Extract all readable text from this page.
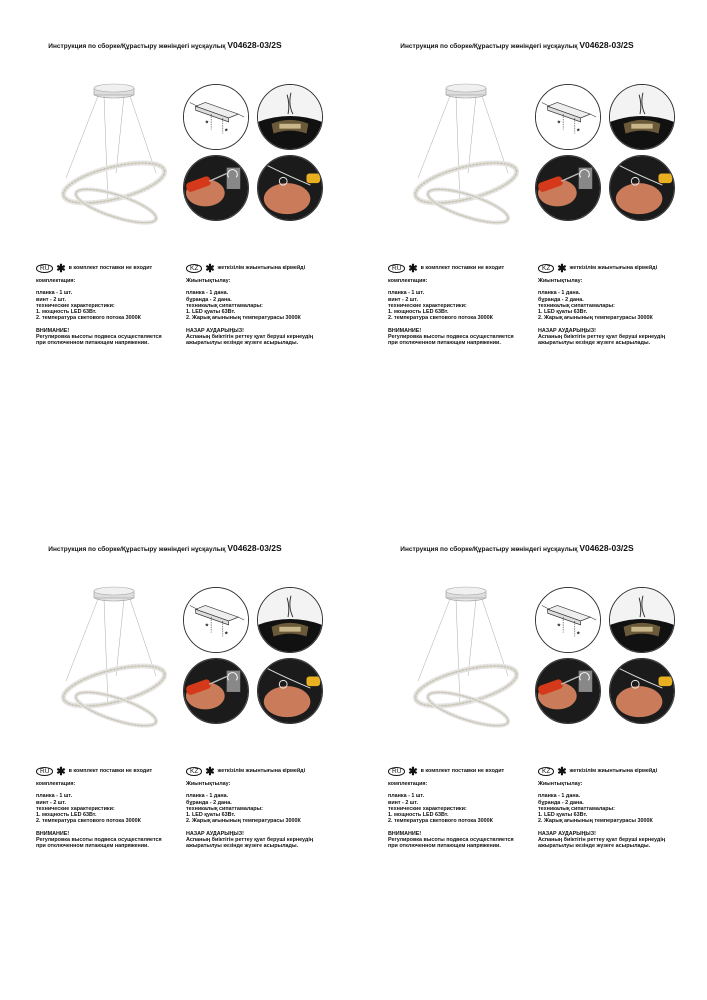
Инструкция по сборке/Құрастыру жөніндегі нұсқаулық V04628-03/2S
*
*
RU ✱ в комплект поставки не входит
комплектация:
планка - 1 шт.
винт - 2 шт.
технические характеристики:
1. мощность LED 63Вт.
2. температура светового потока 3000К
ВНИМАНИЕ!
Регулировка высоты подвеса осуществляется
при отключенном питающем напряжении.
KZ ✱ жеткізілім жиынтығына кірмейді
Жиынтықтылау:
планка - 1 дана.
бұранда - 2 дана.
техникалық сипаттамалары:
1. LED қуаты 63Вт.
2. Жарық ағынының температурасы 3000К
НАЗАР АУДАРЫҢЫЗ!
Аспаның биіктігін реттеу қуат беруші кернеудің
ажыратылуы кезінде жүзеге асырылады.
Инструкция по сборке/Құрастыру жөніндегі нұсқаулық V04628-03/2S
*
*
RU ✱ в комплект поставки не входит
комплектация:
планка - 1 шт.
винт - 2 шт.
технические характеристики:
1. мощность LED 63Вт.
2. температура светового потока 3000К
ВНИМАНИЕ!
Регулировка высоты подвеса осуществляется
при отключенном питающем напряжении.
KZ ✱ жеткізілім жиынтығына кірмейді
Жиынтықтылау:
планка - 1 дана.
бұранда - 2 дана.
техникалық сипаттамалары:
1. LED қуаты 63Вт.
2. Жарық ағынының температурасы 3000К
НАЗАР АУДАРЫҢЫЗ!
Аспаның биіктігін реттеу қуат беруші кернеудің
ажыратылуы кезінде жүзеге асырылады.
Инструкция по сборке/Құрастыру жөніндегі нұсқаулық V04628-03/2S
*
*
RU ✱ в комплект поставки не входит
комплектация:
планка - 1 шт.
винт - 2 шт.
технические характеристики:
1. мощность LED 63Вт.
2. температура светового потока 3000К
ВНИМАНИЕ!
Регулировка высоты подвеса осуществляется
при отключенном питающем напряжении.
KZ ✱ жеткізілім жиынтығына кірмейді
Жиынтықтылау:
планка - 1 дана.
бұранда - 2 дана.
техникалық сипаттамалары:
1. LED қуаты 63Вт.
2. Жарық ағынының температурасы 3000К
НАЗАР АУДАРЫҢЫЗ!
Аспаның биіктігін реттеу қуат беруші кернеудің
ажыратылуы кезінде жүзеге асырылады.
Инструкция по сборке/Құрастыру жөніндегі нұсқаулық V04628-03/2S
*
*
RU ✱ в комплект поставки не входит
комплектация:
планка - 1 шт.
винт - 2 шт.
технические характеристики:
1. мощность LED 63Вт.
2. температура светового потока 3000К
ВНИМАНИЕ!
Регулировка высоты подвеса осуществляется
при отключенном питающем напряжении.
KZ ✱ жеткізілім жиынтығына кірмейді
Жиынтықтылау:
планка - 1 дана.
бұранда - 2 дана.
техникалық сипаттамалары:
1. LED қуаты 63Вт.
2. Жарық ағынының температурасы 3000К
НАЗАР АУДАРЫҢЫЗ!
Аспаның биіктігін реттеу қуат беруші кернеудің
ажыратылуы кезінде жүзеге асырылады.
